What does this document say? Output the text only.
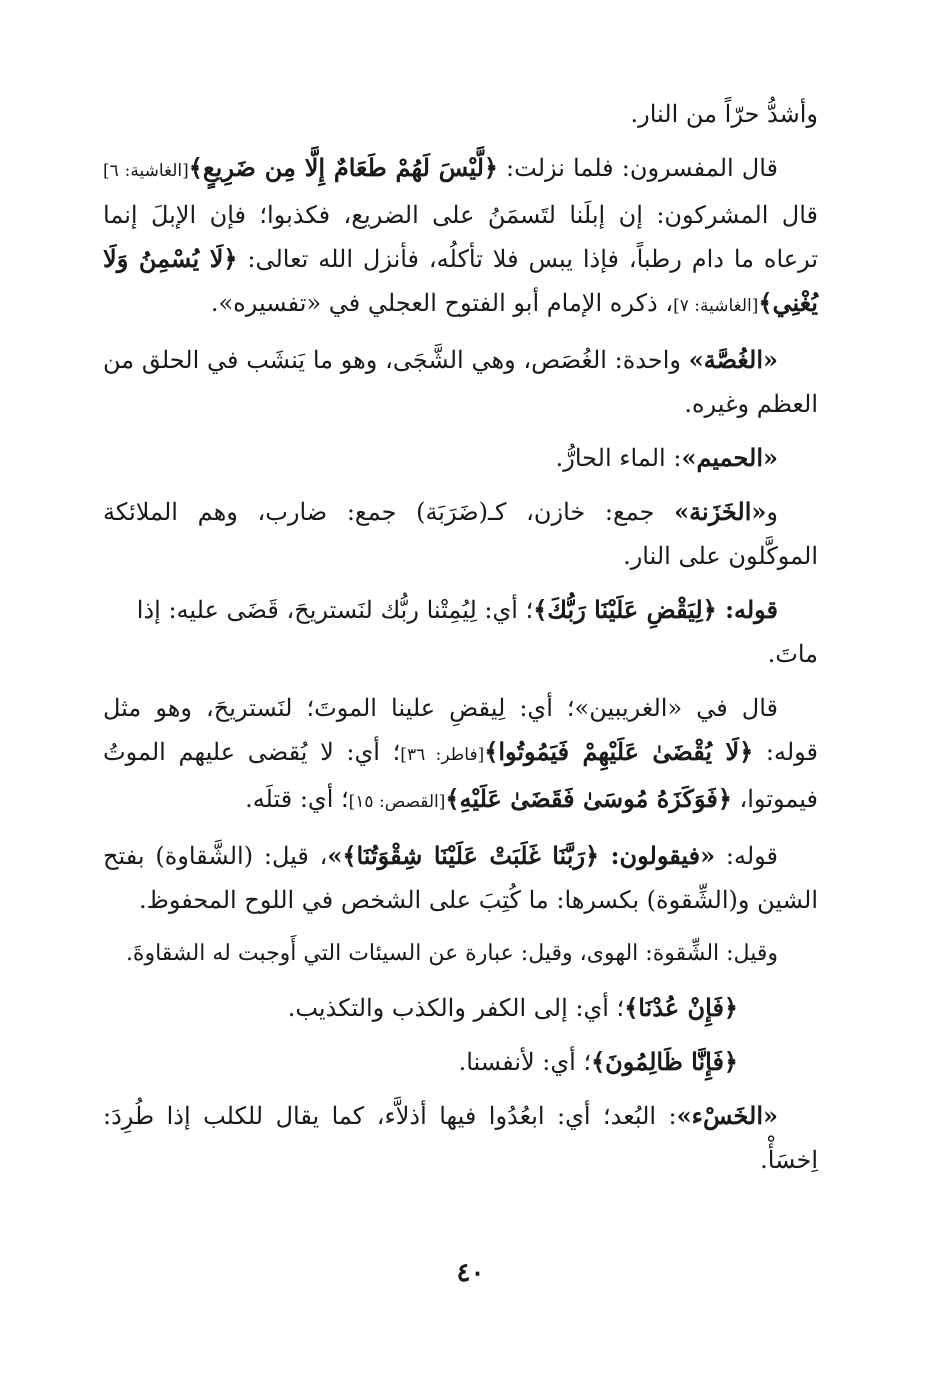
وأشدُّ حرّاً من النار.

قال المفسرون: فلما نزلت: ﴿لَّيْسَ لَهُمْ طَعَامٌ إِلَّا مِن ضَرِيعٍ﴾[الغاشية: ٦] قال المشركون: إن إبلَنا لتَسمَنُ على الضريع، فكذبوا؛ فإن الإبلَ إنما ترعاه ما دام رطباً، فإذا يبس فلا تأكلُه، فأنزل الله تعالى: ﴿لَا يُسْمِنُ وَلَا يُغْنِي﴾[الغاشية: ٧]، ذكره الإمام أبو الفتوح العجلي في «تفسيره».

«الغُصَّة» واحدة: الغُصَص، وهي الشَّجَى، وهو ما يَنشَب في الحلق من العظم وغيره.

«الحميم»: الماء الحارُّ.

و«الخَزَنة» جمع: خازن، كـ(ضَرَبَة) جمع: ضارب، وهم الملائكة الموكَّلون على النار.

قوله: ﴿لِيَقْضِ عَلَيْنَا رَبُّكَ﴾؛ أي: لِيُمِتْنا ربُّك لنَستريحَ، قَضَى عليه: إذا ماتَ.

قال في «الغريبين»؛ أي: لِيقضِ علينا الموتَ؛ لنَستريحَ، وهو مثل قوله: ﴿لَا يُقْضَىٰ عَلَيْهِمْ فَيَمُوتُوا﴾[فاطر: ٣٦]؛ أي: لا يُقضى عليهم الموتُ فيموتوا، ﴿فَوَكَزَهُ مُوسَىٰ فَقَضَىٰ عَلَيْهِ﴾[القصص: ١٥]؛ أي: قتلَه.

قوله: «فيقولون: ﴿رَبَّنَا غَلَبَتْ عَلَيْنَا شِقْوَتُنَا﴾»، قيل: (الشَّقاوة) بفتح الشين و(الشِّقوة) بكسرها: ما كُتِبَ على الشخص في اللوح المحفوظ.

وقيل: الشِّقوة: الهوى، وقيل: عبارة عن السيئات التي أَوجبت له الشقاوةَ.

﴿فَإِنْ عُدْنَا﴾؛ أي: إلى الكفر والكذب والتكذيب.

﴿فَإِنَّا ظَالِمُونَ﴾؛ أي: لأنفسنا.

«الخَسْء»: البُعد؛ أي: ابعُدُوا فيها أذلاَّء، كما يقال للكلب إذا طُرِدَ: اِخسَأْ.

٤٠
